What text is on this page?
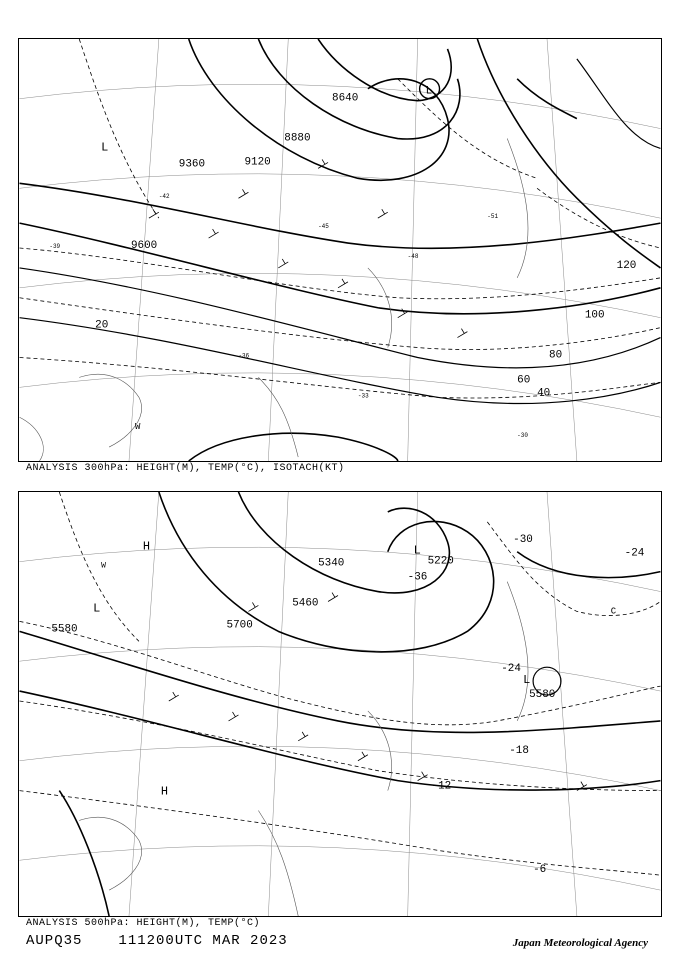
9360	9120
8880
8640
9600
20
40
60
80
100
120
-39
-42
-45
-48
-51
-33
-36
-30
L
L
W
ANALYSIS 300hPa: HEIGHT(M), TEMP(°C), ISOTACH(KT)
5700
5580
5220
5340
5460
5580
-30
-24
-18
-12
-6
-36
-24
H
L
L
L
H
W
C
ANALYSIS 500hPa: HEIGHT(M), TEMP(°C)
AUPQ35	111200UTC MAR 2023	Japan Meteorological Agency
